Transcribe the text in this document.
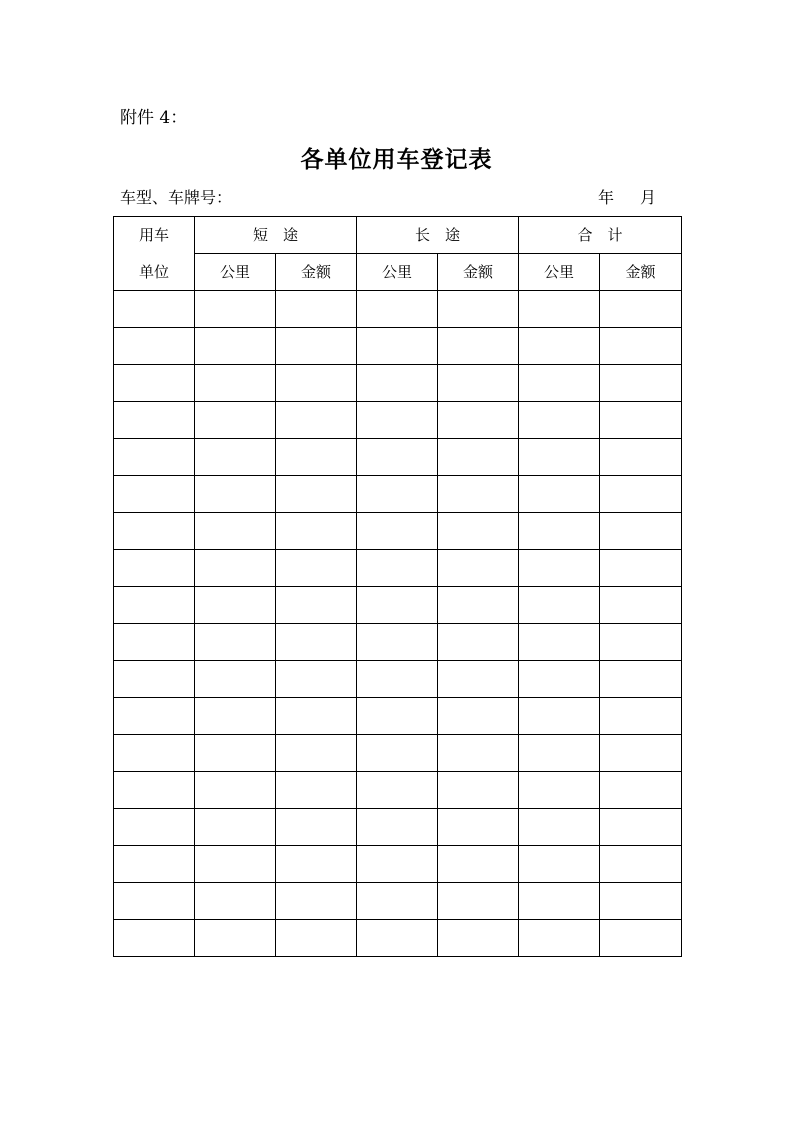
附件 4：
各单位用车登记表
车型、车牌号：	年 月
用车	短　途		长　途		合　计	
单位	公里	金额	公里	金额	公里	金额
